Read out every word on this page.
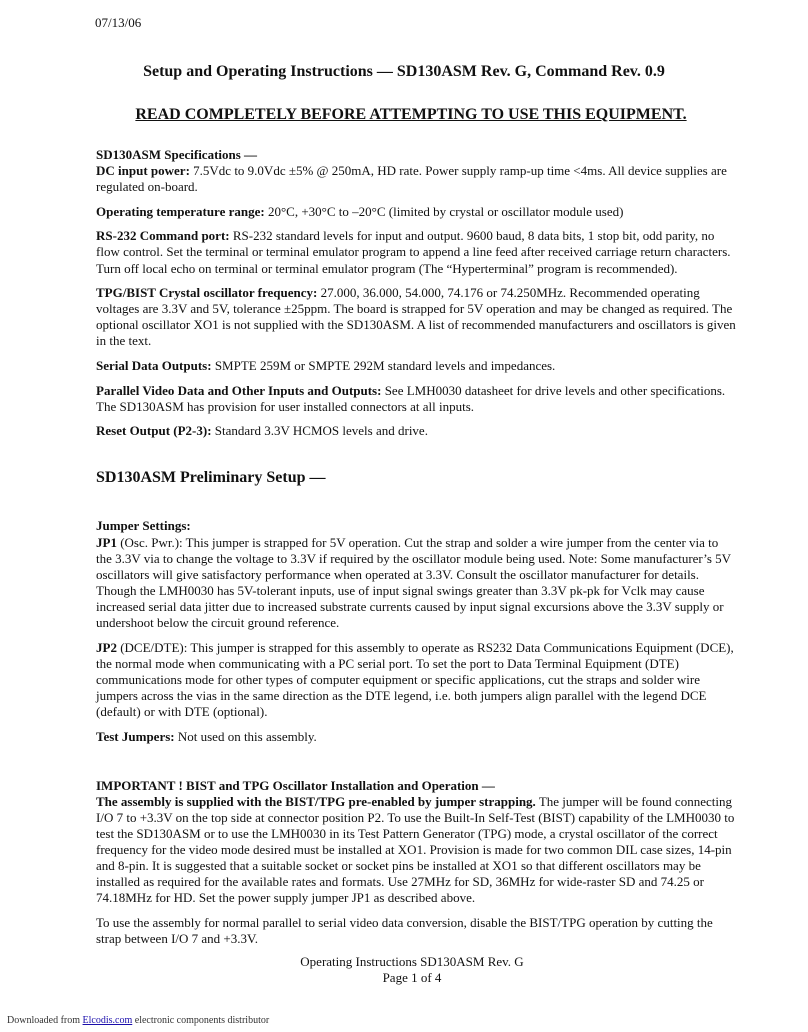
07/13/06
Setup and Operating Instructions — SD130ASM Rev. G, Command Rev. 0.9
READ COMPLETELY BEFORE ATTEMPTING TO USE THIS EQUIPMENT.

SD130ASM Specifications —
DC input power: 7.5Vdc to 9.0Vdc ±5% @ 250mA, HD rate. Power supply ramp-up time <4ms. All device supplies are regulated on-board.

Operating temperature range: 20°C, +30°C to –20°C (limited by crystal or oscillator module used)

RS-232 Command port: RS-232 standard levels for input and output. 9600 baud, 8 data bits, 1 stop bit, odd parity, no flow control. Set the terminal or terminal emulator program to append a line feed after received carriage return characters. Turn off local echo on terminal or terminal emulator program (The “Hyperterminal” program is recommended).

TPG/BIST Crystal oscillator frequency: 27.000, 36.000, 54.000, 74.176 or 74.250MHz. Recommended operating voltages are 3.3V and 5V, tolerance ±25ppm. The board is strapped for 5V operation and may be changed as required. The optional oscillator XO1 is not supplied with the SD130ASM. A list of recommended manufacturers and oscillators is given in the text.

Serial Data Outputs: SMPTE 259M or SMPTE 292M standard levels and impedances.

Parallel Video Data and Other Inputs and Outputs: See LMH0030 datasheet for drive levels and other specifications. The SD130ASM has provision for user installed connectors at all inputs.

Reset Output (P2-3): Standard 3.3V HCMOS levels and drive.

SD130ASM Preliminary Setup —

Jumper Settings:
JP1 (Osc. Pwr.): This jumper is strapped for 5V operation. Cut the strap and solder a wire jumper from the center via to the 3.3V via to change the voltage to 3.3V if required by the oscillator module being used. Note: Some manufacturer’s 5V oscillators will give satisfactory performance when operated at 3.3V. Consult the oscillator manufacturer for details. Though the LMH0030 has 5V-tolerant inputs, use of input signal swings greater than 3.3V pk-pk for Vclk may cause increased serial data jitter due to increased substrate currents caused by input signal excursions above the 3.3V supply or undershoot below the circuit ground reference.

JP2 (DCE/DTE): This jumper is strapped for this assembly to operate as RS232 Data Communications Equipment (DCE), the normal mode when communicating with a PC serial port. To set the port to Data Terminal Equipment (DTE) communications mode for other types of computer equipment or specific applications, cut the straps and solder wire jumpers across the vias in the same direction as the DTE legend, i.e. both jumpers align parallel with the legend DCE (default) or with DTE (optional).

Test Jumpers: Not used on this assembly.

IMPORTANT ! BIST and TPG Oscillator Installation and Operation —
The assembly is supplied with the BIST/TPG pre-enabled by jumper strapping. The jumper will be found connecting I/O 7 to +3.3V on the top side at connector position P2. To use the Built-In Self-Test (BIST) capability of the LMH0030 to test the SD130ASM or to use the LMH0030 in its Test Pattern Generator (TPG) mode, a crystal oscillator of the correct frequency for the video mode desired must be installed at XO1. Provision is made for two common DIL case sizes, 14-pin and 8-pin. It is suggested that a suitable socket or socket pins be installed at XO1 so that different oscillators may be installed as required for the available rates and formats. Use 27MHz for SD, 36MHz for wide-raster SD and 74.25 or 74.18MHz for HD. Set the power supply jumper JP1 as described above.

To use the assembly for normal parallel to serial video data conversion, disable the BIST/TPG operation by cutting the strap between I/O 7 and +3.3V.

Operating Instructions SD130ASM Rev. G
Page 1 of 4
Downloaded from Elcodis.com electronic components distributor
